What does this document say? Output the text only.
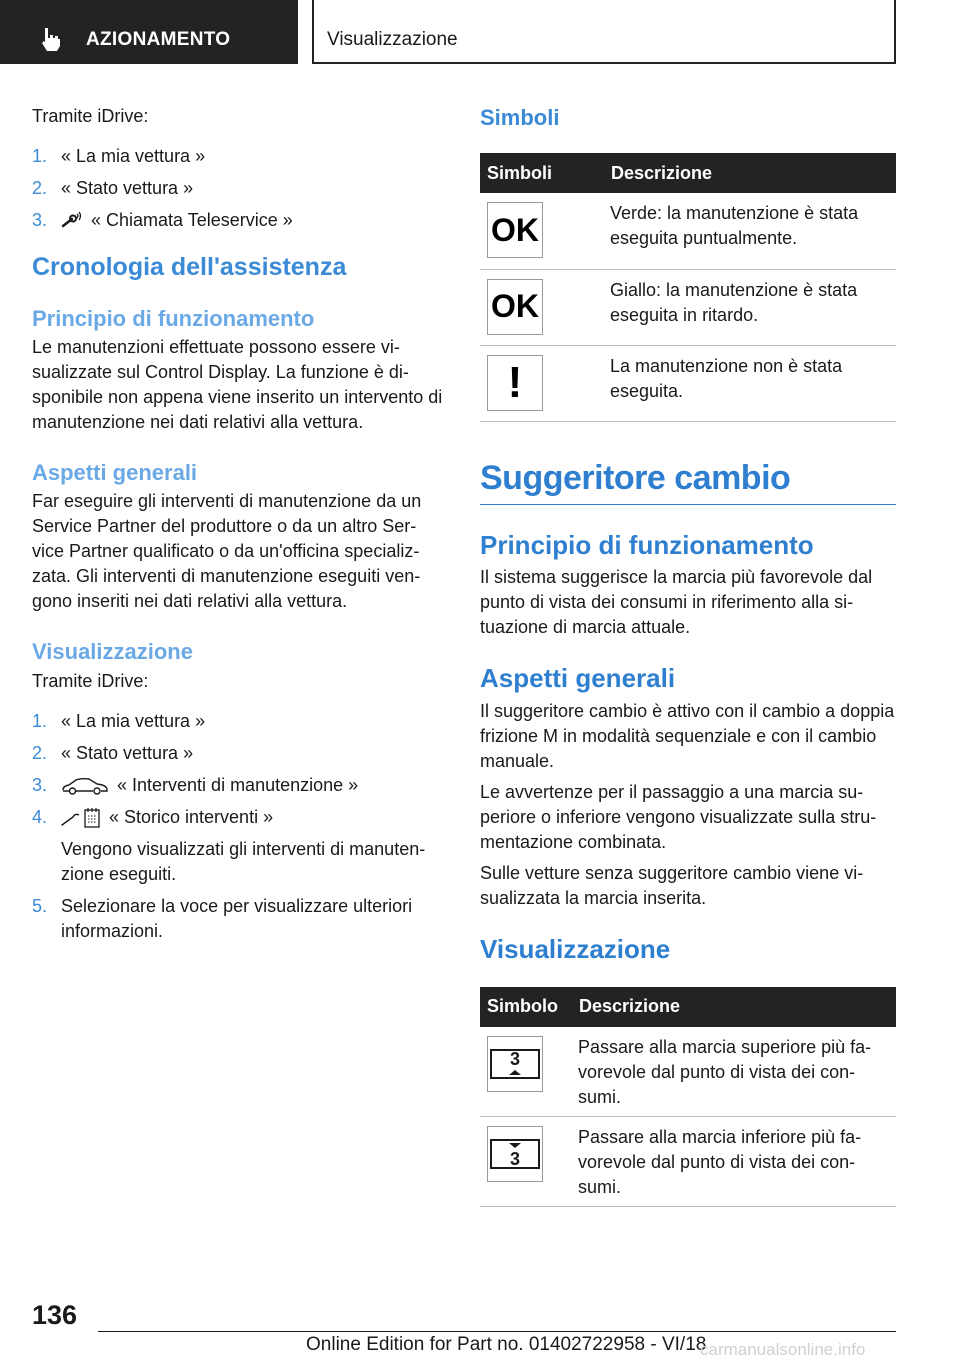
AZIONAMENTO	Visualizzazione

Tramite iDrive:

1. « La mia vettura »
2. « Stato vettura »
3. « Chiamata Teleservice »
Cronologia dell'assistenza
Principio di funzionamento

Le manutenzioni effettuate possono essere vi-sualizzate sul Control Display. La funzione è di-sponibile non appena viene inserito un intervento di manutenzione nei dati relativi alla vettura.

Aspetti generali

Far eseguire gli interventi di manutenzione da un Service Partner del produttore o da un altro Ser-vice Partner qualificato o da un'officina specializ-zata. Gli interventi di manutenzione eseguiti ven-gono inseriti nei dati relativi alla vettura.

Visualizzazione

Tramite iDrive:

1. « La mia vettura »
2. « Stato vettura »
3.	« Interventi di manutenzione »
4.	« Storico interventi »
Vengono visualizzati gli interventi di manuten-zione eseguiti.
5. Selezionare la voce per visualizzare ulteriori informazioni.
Simboli
Simboli	Descrizione

OK	Verde: la manutenzione è stata eseguita puntualmente.

OK	Giallo: la manutenzione è stata eseguita in ritardo.

!	La manutenzione non è stata eseguita.
Suggeritore cambio
Principio di funzionamento

Il sistema suggerisce la marcia più favorevole dal punto di vista dei consumi in riferimento alla si-tuazione di marcia attuale.

Aspetti generali

Il suggeritore cambio è attivo con il cambio a doppia frizione M in modalità sequenziale e con il cambio manuale.

Le avvertenze per il passaggio a una marcia su-periore o inferiore vengono visualizzate sulla stru-mentazione combinata.

Sulle vetture senza suggeritore cambio viene vi-sualizzata la marcia inserita.

Visualizzazione
Simbolo	Descrizione

3	Passare alla marcia superiore più fa-vorevole dal punto di vista dei con-sumi.

3	Passare alla marcia inferiore più fa-vorevole dal punto di vista dei con-sumi.
136
Online Edition for Part no. 01402722958 - VI/18
carmanualsonline.info
